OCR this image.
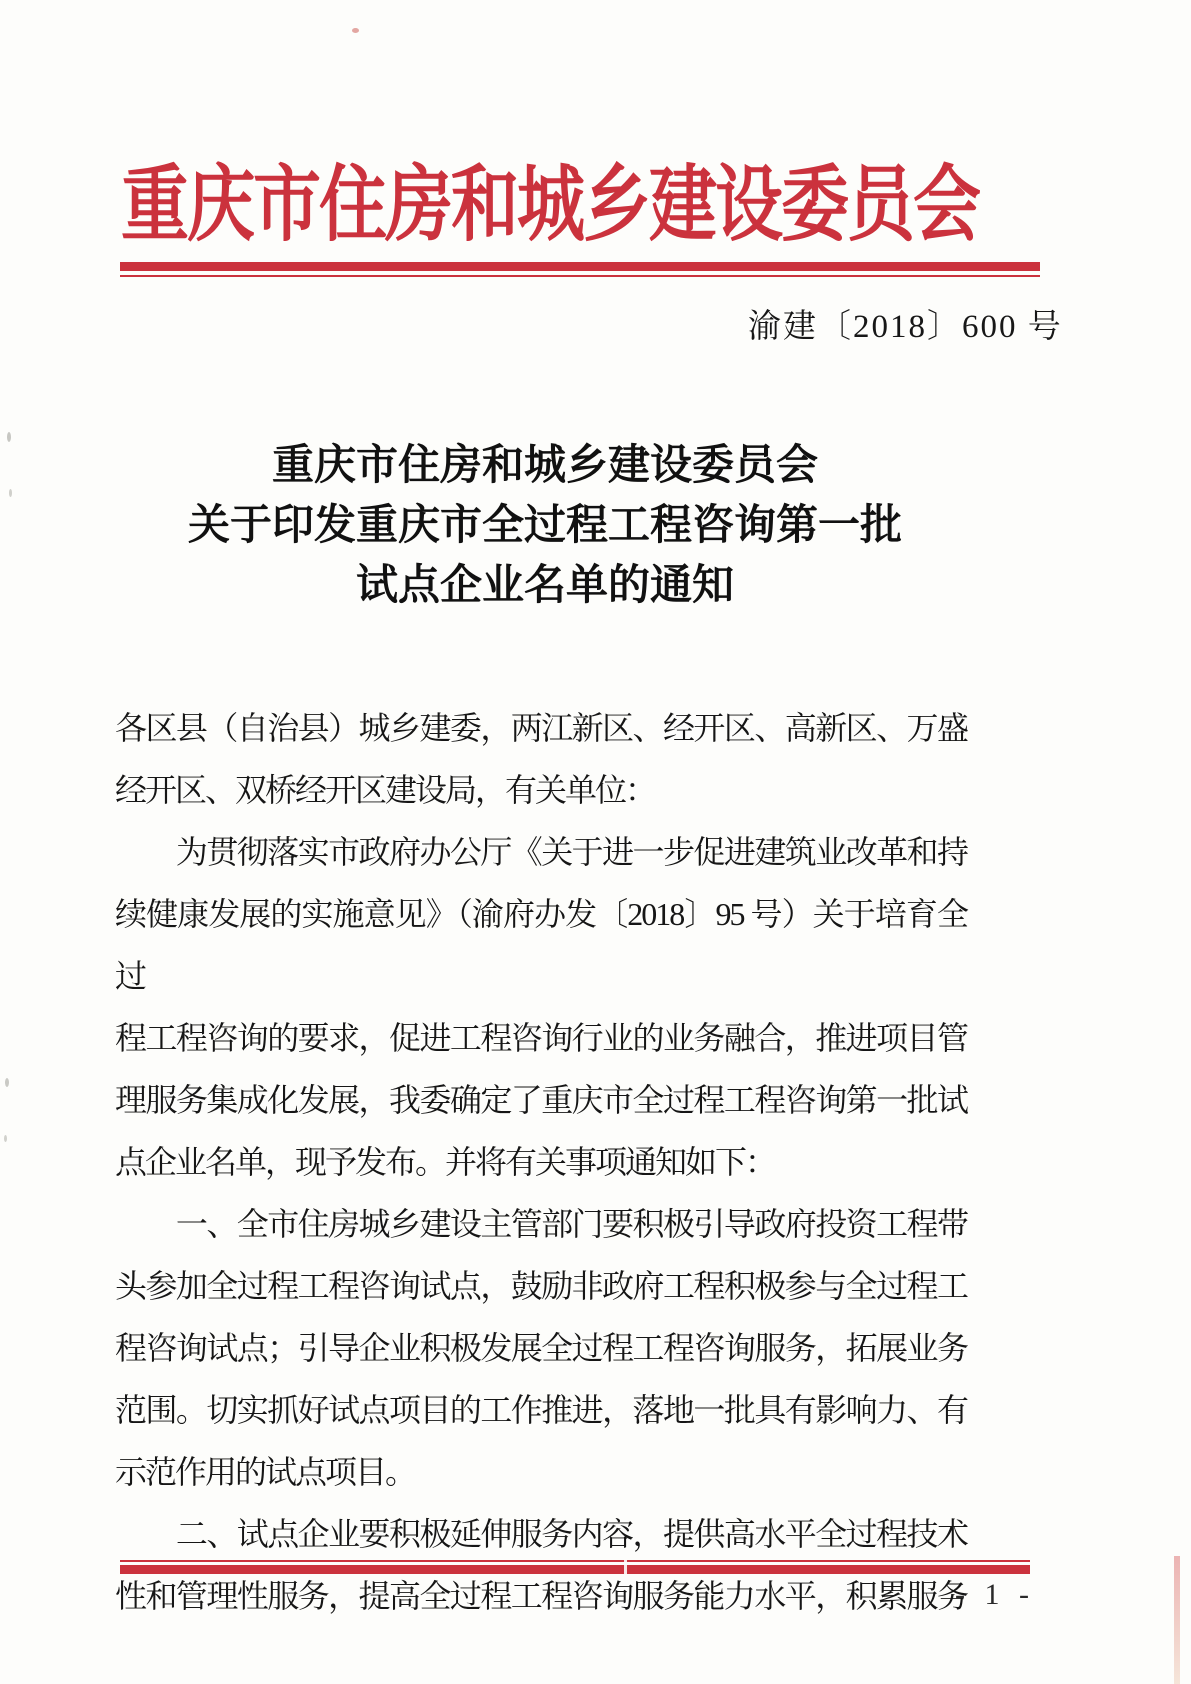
重庆市住房和城乡建设委员会
渝建〔2018〕600 号
重庆市住房和城乡建设委员会
关于印发重庆市全过程工程咨询第一批
试点企业名单的通知
各区县（自治县）城乡建委，两江新区、经开区、高新区、万盛
经开区、双桥经开区建设局，有关单位：
　　为贯彻落实市政府办公厅《关于进一步促进建筑业改革和持
续健康发展的实施意见》（渝府办发〔2018〕95 号）关于培育全过
程工程咨询的要求，促进工程咨询行业的业务融合，推进项目管
理服务集成化发展，我委确定了重庆市全过程工程咨询第一批试
点企业名单，现予发布。并将有关事项通知如下：
　　一、全市住房城乡建设主管部门要积极引导政府投资工程带
头参加全过程工程咨询试点，鼓励非政府工程积极参与全过程工
程咨询试点；引导企业积极发展全过程工程咨询服务，拓展业务
范围。切实抓好试点项目的工作推进，落地一批具有影响力、有
示范作用的试点项目。
　　二、试点企业要积极延伸服务内容，提供高水平全过程技术
性和管理性服务，提高全过程工程咨询服务能力水平，积累服务
- 1 -
